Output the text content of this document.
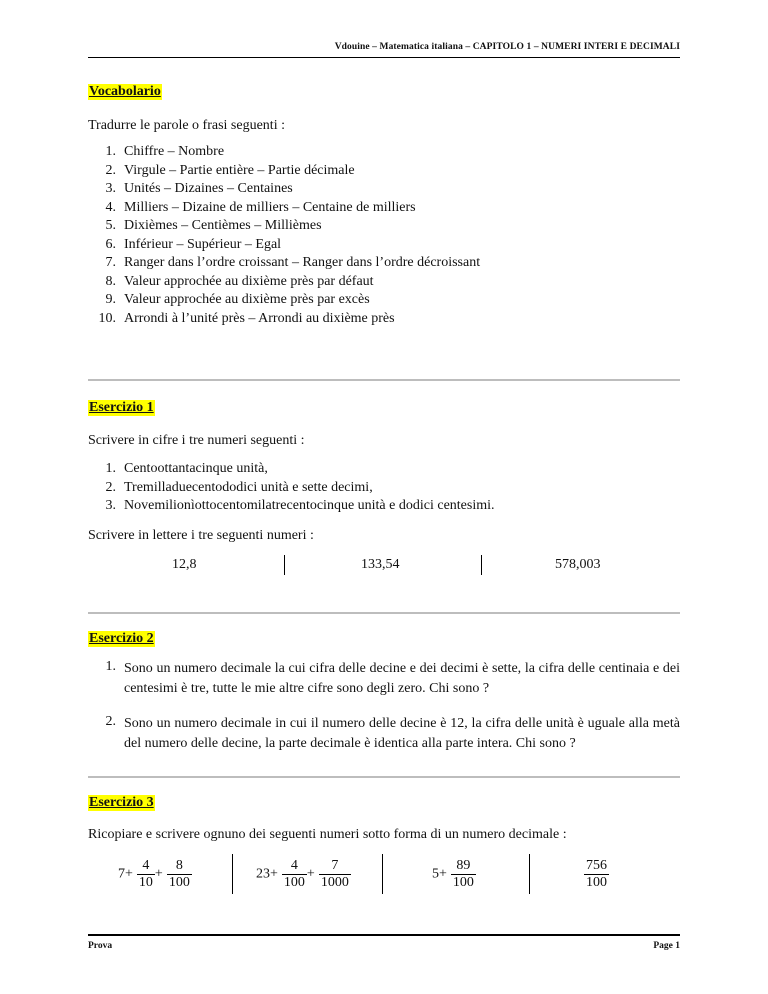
Vdouine – Matematica italiana – CAPITOLO 1 – NUMERI INTERI E DECIMALI
Vocabolario
Tradurre le parole o frasi seguenti :
1. Chiffre – Nombre
2. Virgule – Partie entière – Partie décimale
3. Unités – Dizaines – Centaines
4. Milliers – Dizaine de milliers – Centaine de milliers
5. Dixièmes – Centièmes – Millièmes
6. Inférieur – Supérieur – Egal
7. Ranger dans l’ordre croissant – Ranger dans l’ordre décroissant
8. Valeur approchée au dixième près par défaut
9. Valeur approchée au dixième près par excès
10. Arrondi à l’unité près – Arrondi au dixième près
Esercizio 1
Scrivere in cifre i tre numeri seguenti :
1. Centoottantacinque unità,
2. Tremilladuecentododici unità e sette decimi,
3. Novemilionìottocentomilatrecentocinque unità e dodici centesimi.
Scrivere in lettere i tre seguenti numeri :
12,8	133,54	578,003
Esercizio 2
1. Sono un numero decimale la cui cifra delle decine e dei decimi è sette, la cifra delle centinaia e dei centesimi è tre, tutte le mie altre cifre sono degli zero. Chi sono ?
2. Sono un numero decimale in cui il numero delle decine è 12, la cifra delle unità è uguale alla metà del numero delle decine, la parte decimale è identica alla parte intera. Chi sono ?
Esercizio 3
Ricopiare e scrivere ognuno dei seguenti numeri sotto forma di un numero decimale :
$7+ \frac{4}{10} + \frac{8}{100}$	$23+ \frac{4}{100} + \frac{7}{1000}$	$5+ \frac{89}{100}$	$\frac{756}{100}$
Prova	Page 1
